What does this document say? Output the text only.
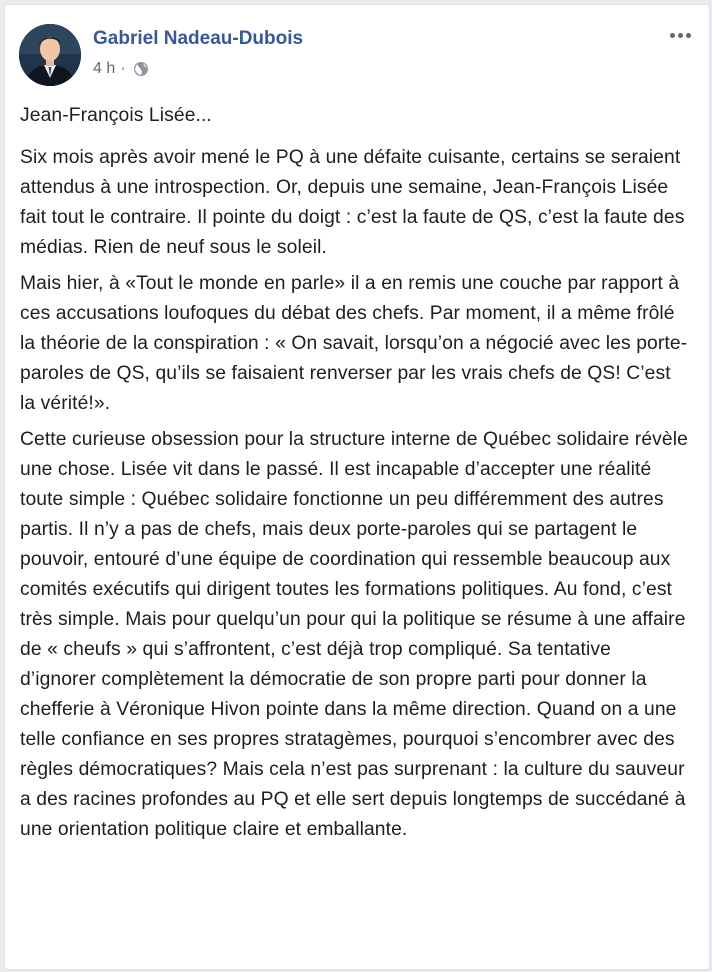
Gabriel Nadeau-Dubois
4 h ·

Jean-François Lisée...

Six mois après avoir mené le PQ à une défaite cuisante, certains se seraient attendus à une introspection. Or, depuis une semaine, Jean-François Lisée fait tout le contraire. Il pointe du doigt : c’est la faute de QS, c’est la faute des médias. Rien de neuf sous le soleil.

Mais hier, à «Tout le monde en parle» il a en remis une couche par rapport à ces accusations loufoques du débat des chefs. Par moment, il a même frôlé la théorie de la conspiration : « On savait, lorsqu’on a négocié avec les porte-paroles de QS, qu’ils se faisaient renverser par les vrais chefs de QS! C’est la vérité!».

Cette curieuse obsession pour la structure interne de Québec solidaire révèle une chose. Lisée vit dans le passé. Il est incapable d’accepter une réalité toute simple : Québec solidaire fonctionne un peu différemment des autres partis. Il n’y a pas de chefs, mais deux porte-paroles qui se partagent le pouvoir, entouré d’une équipe de coordination qui ressemble beaucoup aux comités exécutifs qui dirigent toutes les formations politiques. Au fond, c’est très simple. Mais pour quelqu’un pour qui la politique se résume à une affaire de « cheufs » qui s’affrontent, c’est déjà trop compliqué. Sa tentative d’ignorer complètement la démocratie de son propre parti pour donner la chefferie à Véronique Hivon pointe dans la même direction. Quand on a une telle confiance en ses propres stratagèmes, pourquoi s’encombrer avec des règles démocratiques? Mais cela n’est pas surprenant : la culture du sauveur a des racines profondes au PQ et elle sert depuis longtemps de succédané à une orientation politique claire et emballante.
